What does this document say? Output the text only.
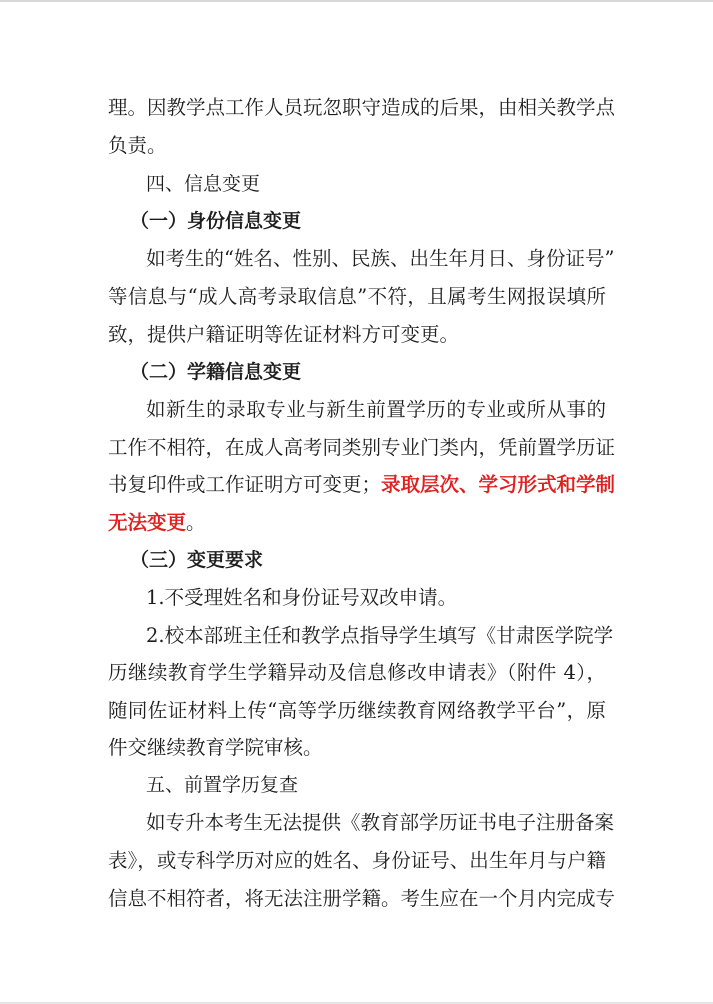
理。因教学点工作人员玩忽职守造成的后果，由相关教学点
负责。
四、信息变更
（一）身份信息变更
如考生的“姓名、性别、民族、出生年月日、身份证号”
等信息与“成人高考录取信息”不符，且属考生网报误填所
致，提供户籍证明等佐证材料方可变更。
（二）学籍信息变更
如新生的录取专业与新生前置学历的专业或所从事的
工作不相符，在成人高考同类别专业门类内，凭前置学历证
书复印件或工作证明方可变更；录取层次、学习形式和学制
无法变更。
（三）变更要求
1.不受理姓名和身份证号双改申请。
2.校本部班主任和教学点指导学生填写《甘肃医学院学
历继续教育学生学籍异动及信息修改申请表》（附件 4），
随同佐证材料上传“高等学历继续教育网络教学平台”，原
件交继续教育学院审核。
五、前置学历复查
如专升本考生无法提供《教育部学历证书电子注册备案
表》，或专科学历对应的姓名、身份证号、出生年月与户籍
信息不相符者，将无法注册学籍。考生应在一个月内完成专
